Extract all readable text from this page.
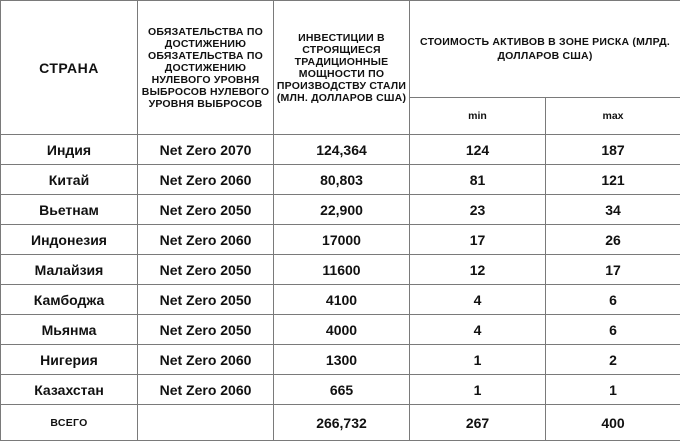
СТРАНА	ОБЯЗАТЕЛЬСТВА ПО ДОСТИЖЕНИЮ ОБЯЗАТЕЛЬСТВА ПО ДОСТИЖЕНИЮ НУЛЕВОГО УРОВНЯ ВЫБРОСОВ НУЛЕВОГО УРОВНЯ ВЫБРОСОВ	ИНВЕСТИЦИИ В СТРОЯЩИЕСЯ ТРАДИЦИОННЫЕ МОЩНОСТИ ПО ПРОИЗВОДСТВУ СТАЛИ (МЛН. ДОЛЛАРОВ США)	СТОИМОСТЬ АКТИВОВ В ЗОНЕ РИСКА (МЛРД. ДОЛЛАРОВ США)	
			min	max
Индия	Net Zero 2070	124,364	124	187
Китай	Net Zero 2060	80,803	81	121
Вьетнам	Net Zero 2050	22,900	23	34
Индонезия	Net Zero 2060	17000	17	26
Малайзия	Net Zero 2050	11600	12	17
Камбоджа	Net Zero 2050	4100	4	6
Мьянма	Net Zero 2050	4000	4	6
Нигерия	Net Zero 2060	1300	1	2
Казахстан	Net Zero 2060	665	1	1
ВСЕГО		266,732	267	400
